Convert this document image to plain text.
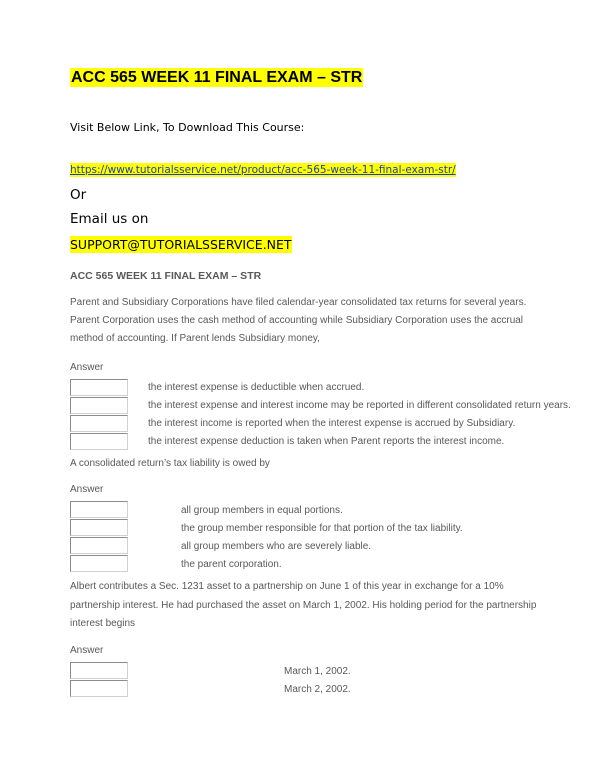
ACC 565 WEEK 11 FINAL EXAM – STR
Visit Below Link, To Download This Course:
https://www.tutorialsservice.net/product/acc-565-week-11-final-exam-str/
Or
Email us on
SUPPORT@TUTORIALSSERVICE.NET
ACC 565 WEEK 11 FINAL EXAM – STR
Parent and Subsidiary Corporations have filed calendar-year consolidated tax returns for several years.
Parent Corporation uses the cash method of accounting while Subsidiary Corporation uses the accrual
method of accounting. If Parent lends Subsidiary money,
Answer
the interest expense is deductible when accrued.
the interest expense and interest income may be reported in different consolidated return years.
the interest income is reported when the interest expense is accrued by Subsidiary.
the interest expense deduction is taken when Parent reports the interest income.
A consolidated return’s tax liability is owed by
Answer
all group members in equal portions.
the group member responsible for that portion of the tax liability.
all group members who are severely liable.
the parent corporation.
Albert contributes a Sec. 1231 asset to a partnership on June 1 of this year in exchange for a 10%
partnership interest. He had purchased the asset on March 1, 2002. His holding period for the partnership
interest begins
Answer
March 1, 2002.
March 2, 2002.
